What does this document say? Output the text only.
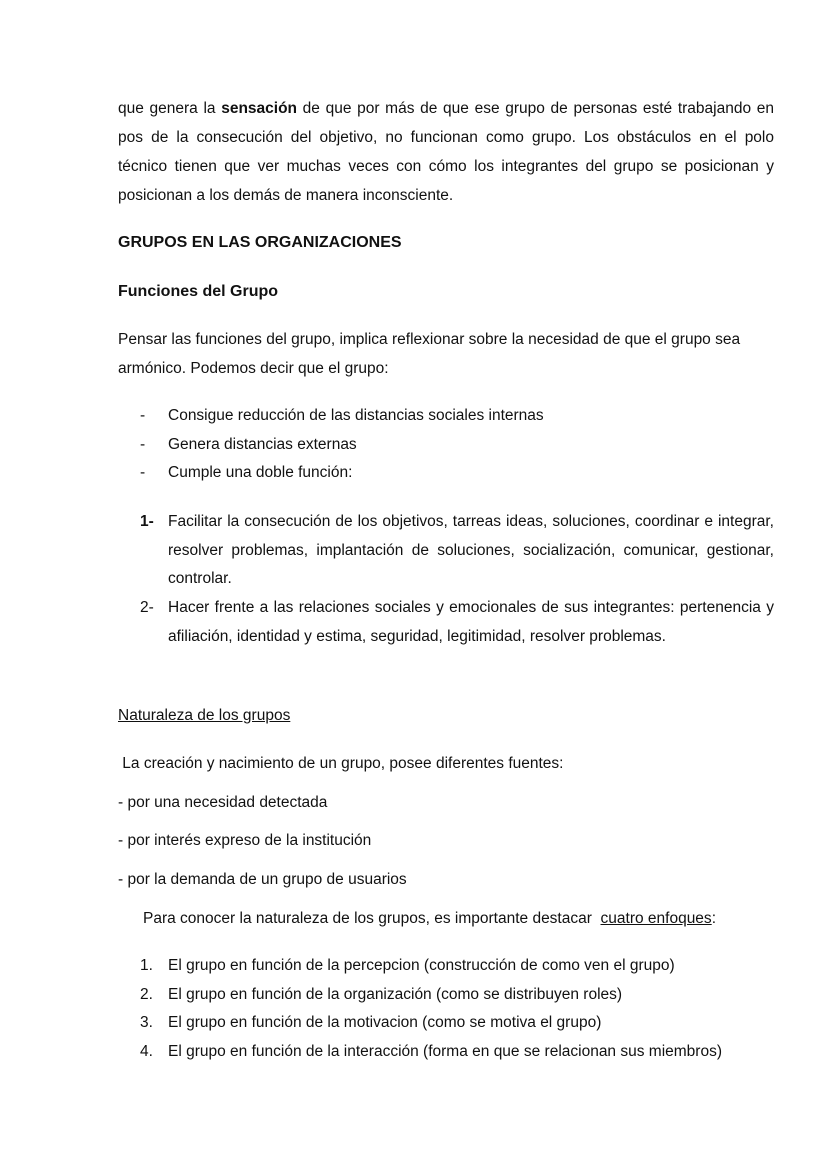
que genera la sensación de que por más de que ese grupo de personas esté trabajando en pos de la consecución del objetivo, no funcionan como grupo. Los obstáculos en el polo técnico tienen que ver muchas veces con cómo los integrantes del grupo se posicionan y posicionan a los demás de manera inconsciente.

GRUPOS EN LAS ORGANIZACIONES

Funciones del Grupo

Pensar las funciones del grupo, implica reflexionar sobre la necesidad de que el grupo sea armónico. Podemos decir que el grupo:

- Consigue reducción de las distancias sociales internas
- Genera distancias externas
- Cumple una doble función:
1- Facilitar la consecución de los objetivos, tarreas ideas, soluciones, coordinar e integrar, resolver problemas, implantación de soluciones, socialización, comunicar, gestionar, controlar.
2- Hacer frente a las relaciones sociales y emocionales de sus integrantes: pertenencia y afiliación, identidad y estima, seguridad, legitimidad, resolver problemas.

Naturaleza de los grupos

La creación y nacimiento de un grupo, posee diferentes fuentes:

- por una necesidad detectada

- por interés expreso de la institución

- por la demanda de un grupo de usuarios

Para conocer la naturaleza de los grupos, es importante destacar  cuatro enfoques:

1. El grupo en función de la percepcion (construcción de como ven el grupo)
2. El grupo en función de la organización (como se distribuyen roles)
3. El grupo en función de la motivacion (como se motiva el grupo)
4. El grupo en función de la interacción (forma en que se relacionan sus miembros)
